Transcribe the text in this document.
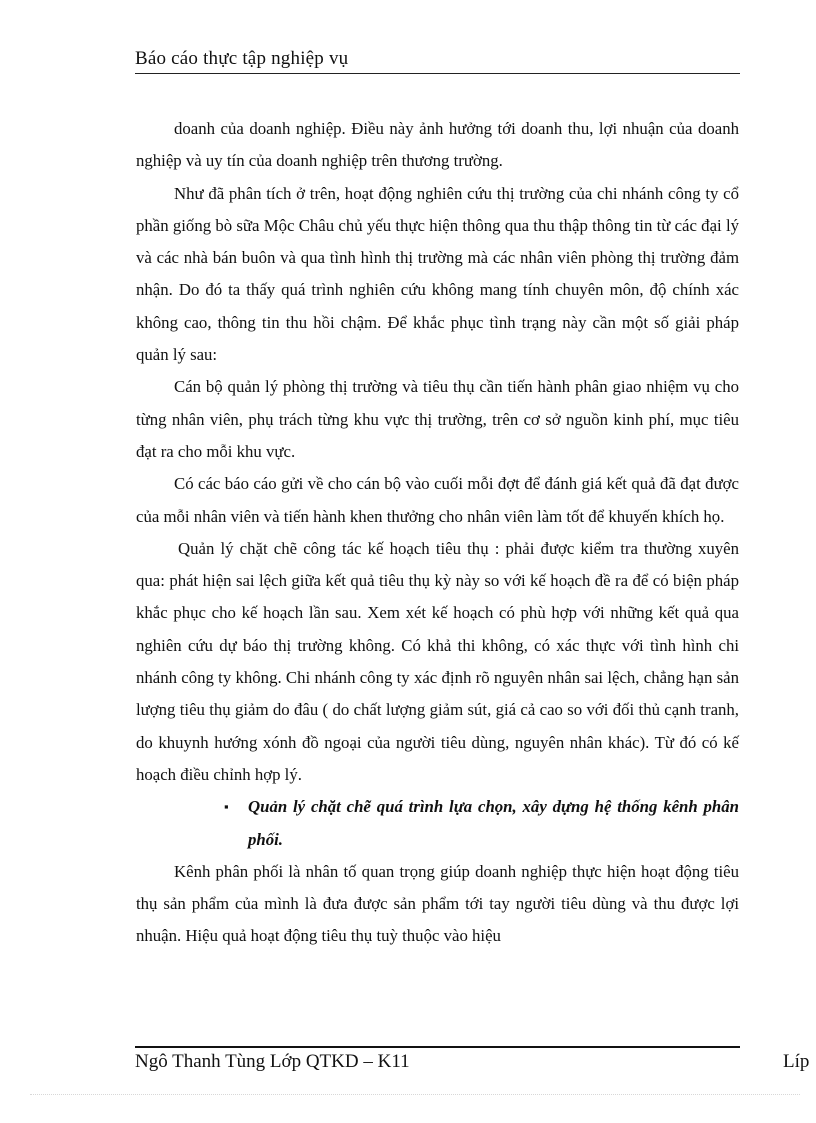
Báo cáo thực tập nghiệp vụ

doanh của doanh nghiệp. Điều này ảnh hưởng tới doanh thu, lợi nhuận của doanh nghiệp và uy tín của doanh nghiệp trên thương trường.

Như đã phân tích ở trên, hoạt động nghiên cứu thị trường của chi nhánh công ty cổ phần giống bò sữa Mộc Châu chủ yếu thực hiện thông qua thu thập thông tin từ các đại lý và các nhà bán buôn và qua tình hình thị trường mà các nhân viên phòng thị trường đảm nhận. Do đó ta thấy quá trình nghiên cứu không mang tính chuyên môn, độ chính xác không cao, thông tin thu hồi chậm. Để khắc phục tình trạng này cần một số giải pháp quản lý sau:

Cán bộ quản lý phòng thị trường và tiêu thụ cần tiến hành phân giao nhiệm vụ cho từng nhân viên, phụ trách từng khu vực thị trường, trên cơ sở nguồn kinh phí, mục tiêu đạt ra cho mỗi khu vực.

Có các báo cáo gửi về cho cán bộ vào cuối mỗi đợt để đánh giá kết quả đã đạt được của mỗi nhân viên và tiến hành khen thưởng cho nhân viên làm tốt để khuyến khích họ.

Quản lý chặt chẽ công tác kế hoạch tiêu thụ : phải được kiểm tra thường xuyên qua: phát hiện sai lệch giữa kết quả tiêu thụ kỳ này so với kế hoạch đề ra để có biện pháp khắc phục cho kế hoạch lần sau. Xem xét kế hoạch có phù hợp với những kết quả qua nghiên cứu dự báo thị trường không. Có khả thi không, có xác thực với tình hình chi nhánh công ty không. Chi nhánh công ty xác định rõ nguyên nhân sai lệch, chẳng hạn sản lượng tiêu thụ giảm do đâu ( do chất lượng giảm sút, giá cả cao so với đối thủ cạnh tranh, do khuynh hướng xónh đồ ngoại của người tiêu dùng, nguyên nhân khác). Từ đó có kế hoạch điều chỉnh hợp lý.

▪	Quản lý chặt chẽ quá trình lựa chọn, xây dựng hệ thống kênh phân phối.

Kênh phân phối là nhân tố quan trọng giúp doanh nghiệp thực hiện hoạt động tiêu thụ sản phẩm của mình là đưa được sản phẩm tới tay người tiêu dùng và thu được lợi nhuận. Hiệu quả hoạt động tiêu thụ tuỳ thuộc vào hiệu

Ngô Thanh Tùng Lớp QTKD – K11	Líp
